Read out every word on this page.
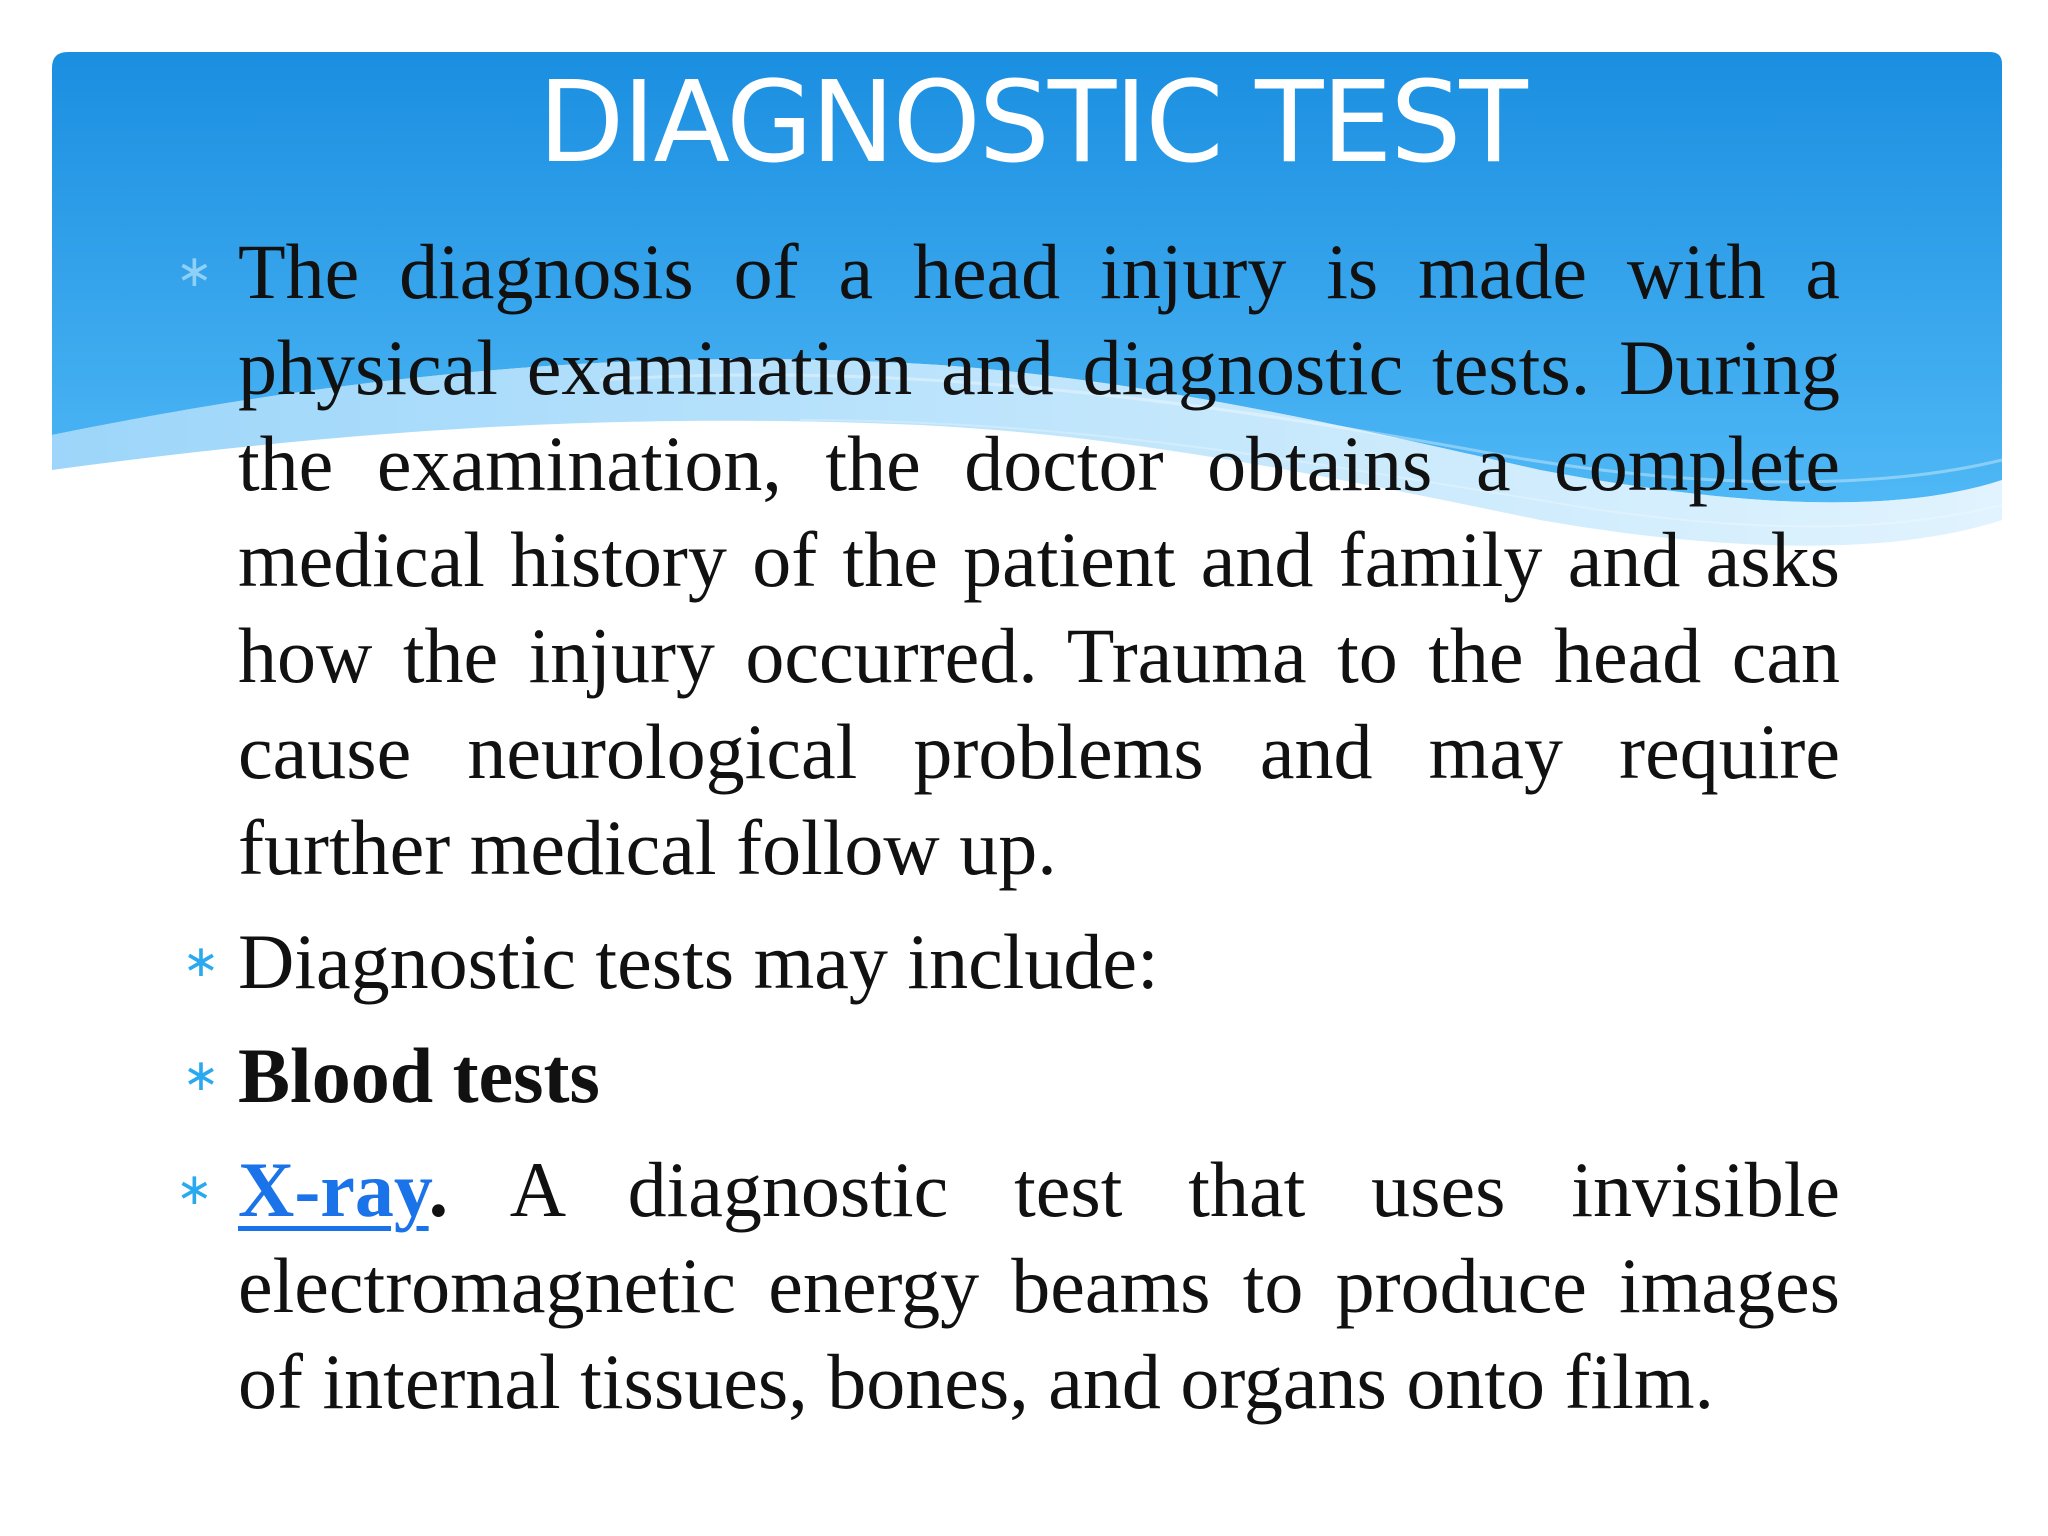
DIAGNOSTIC TEST
∗ The diagnosis of a head injury is made with a physical examination and diagnostic tests. During the examination, the doctor obtains a complete medical history of the patient and family and asks how the injury occurred. Trauma to the head can cause neurological problems and may require further medical follow up.
∗ Diagnostic tests may include:
∗ Blood tests
∗ X-ray. A diagnostic test that uses invisible electromagnetic energy beams to produce images of internal tissues, bones, and organs onto film.
